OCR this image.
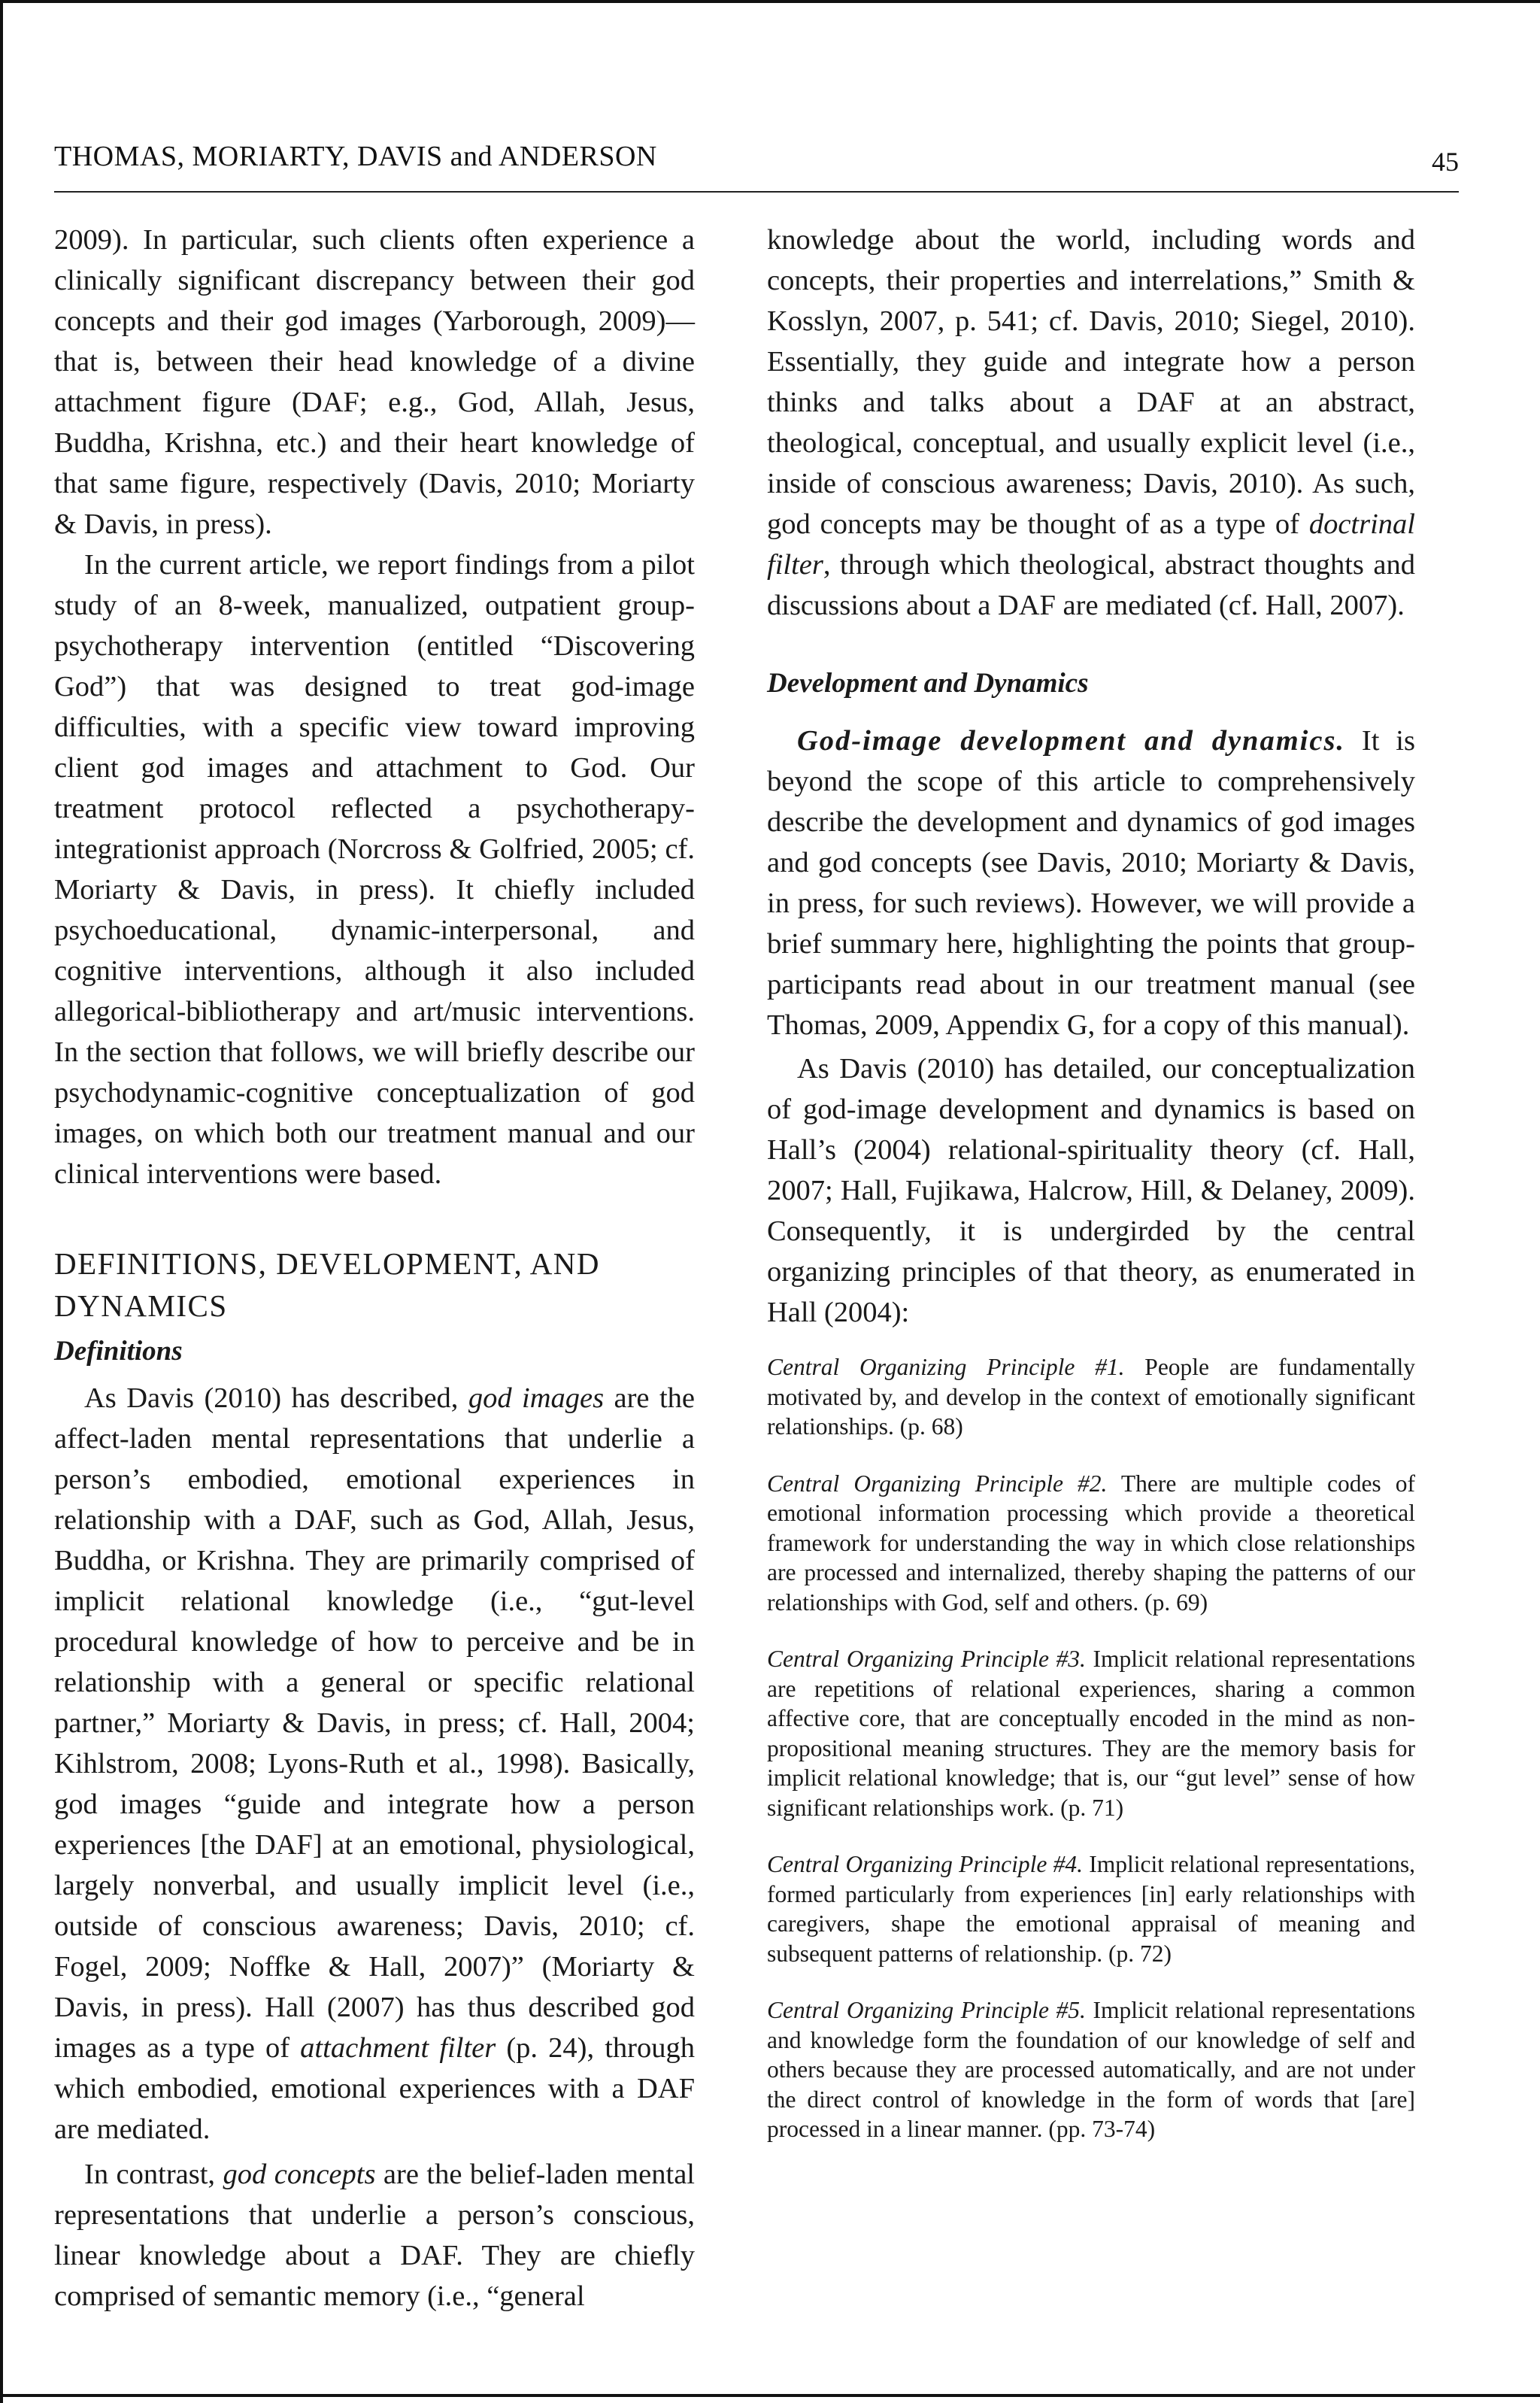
THOMAS, MORIARTY, DAVIS and ANDERSON	45

2009). In particular, such clients often experience a clinically significant discrepancy between their god concepts and their god images (Yarborough, 2009)—that is, between their head knowledge of a divine attachment figure (DAF; e.g., God, Allah, Jesus, Buddha, Krishna, etc.) and their heart knowledge of that same figure, respectively (Davis, 2010; Moriarty & Davis, in press).

In the current article, we report findings from a pilot study of an 8-week, manualized, outpatient group-psychotherapy intervention (entitled “Discovering God”) that was designed to treat god-image difficulties, with a specific view toward improving client god images and attachment to God. Our treatment protocol reflected a psychotherapy-integrationist approach (Norcross & Golfried, 2005; cf. Moriarty & Davis, in press). It chiefly included psychoeducational, dynamic-interpersonal, and cognitive interventions, although it also included allegorical-bibliotherapy and art/music interventions. In the section that follows, we will briefly describe our psychodynamic-cognitive conceptualization of god images, on which both our treatment manual and our clinical interventions were based.

DEFINITIONS, DEVELOPMENT, AND
DYNAMICS
Definitions

As Davis (2010) has described, god images are the affect-laden mental representations that underlie a person’s embodied, emotional experiences in relationship with a DAF, such as God, Allah, Jesus, Buddha, or Krishna. They are primarily comprised of implicit relational knowledge (i.e., “gut-level procedural knowledge of how to perceive and be in relationship with a general or specific relational partner,” Moriarty & Davis, in press; cf. Hall, 2004; Kihlstrom, 2008; Lyons-Ruth et al., 1998). Basically, god images “guide and integrate how a person experiences [the DAF] at an emotional, physiological, largely nonverbal, and usually implicit level (i.e., outside of conscious awareness; Davis, 2010; cf. Fogel, 2009; Noffke & Hall, 2007)” (Moriarty & Davis, in press). Hall (2007) has thus described god images as a type of attachment filter (p. 24), through which embodied, emotional experiences with a DAF are mediated.

In contrast, god concepts are the belief-laden mental representations that underlie a person’s conscious, linear knowledge about a DAF. They are chiefly comprised of semantic memory (i.e., “general

knowledge about the world, including words and concepts, their properties and interrelations,” Smith & Kosslyn, 2007, p. 541; cf. Davis, 2010; Siegel, 2010). Essentially, they guide and integrate how a person thinks and talks about a DAF at an abstract, theological, conceptual, and usually explicit level (i.e., inside of conscious awareness; Davis, 2010). As such, god concepts may be thought of as a type of doctrinal filter, through which theological, abstract thoughts and discussions about a DAF are mediated (cf. Hall, 2007).

Development and Dynamics

God-image development and dynamics. It is beyond the scope of this article to comprehensively describe the development and dynamics of god images and god concepts (see Davis, 2010; Moriarty & Davis, in press, for such reviews). However, we will provide a brief summary here, highlighting the points that group-participants read about in our treatment manual (see Thomas, 2009, Appendix G, for a copy of this manual).

As Davis (2010) has detailed, our conceptualization of god-image development and dynamics is based on Hall’s (2004) relational-spirituality theory (cf. Hall, 2007; Hall, Fujikawa, Halcrow, Hill, & Delaney, 2009). Consequently, it is undergirded by the central organizing principles of that theory, as enumerated in Hall (2004):

Central Organizing Principle #1. People are fundamentally motivated by, and develop in the context of emotionally significant relationships. (p. 68)
Central Organizing Principle #2. There are multiple codes of emotional information processing which provide a theoretical framework for understanding the way in which close relationships are processed and internalized, thereby shaping the patterns of our relationships with God, self and others. (p. 69)
Central Organizing Principle #3. Implicit relational representations are repetitions of relational experiences, sharing a common affective core, that are conceptually encoded in the mind as non-propositional meaning structures. They are the memory basis for implicit relational knowledge; that is, our “gut level” sense of how significant relationships work. (p. 71)
Central Organizing Principle #4. Implicit relational representations, formed particularly from experiences [in] early relationships with caregivers, shape the emotional appraisal of meaning and subsequent patterns of relationship. (p. 72)
Central Organizing Principle #5. Implicit relational representations and knowledge form the foundation of our knowledge of self and others because they are processed automatically, and are not under the direct control of knowledge in the form of words that [are] processed in a linear manner. (pp. 73-74)
